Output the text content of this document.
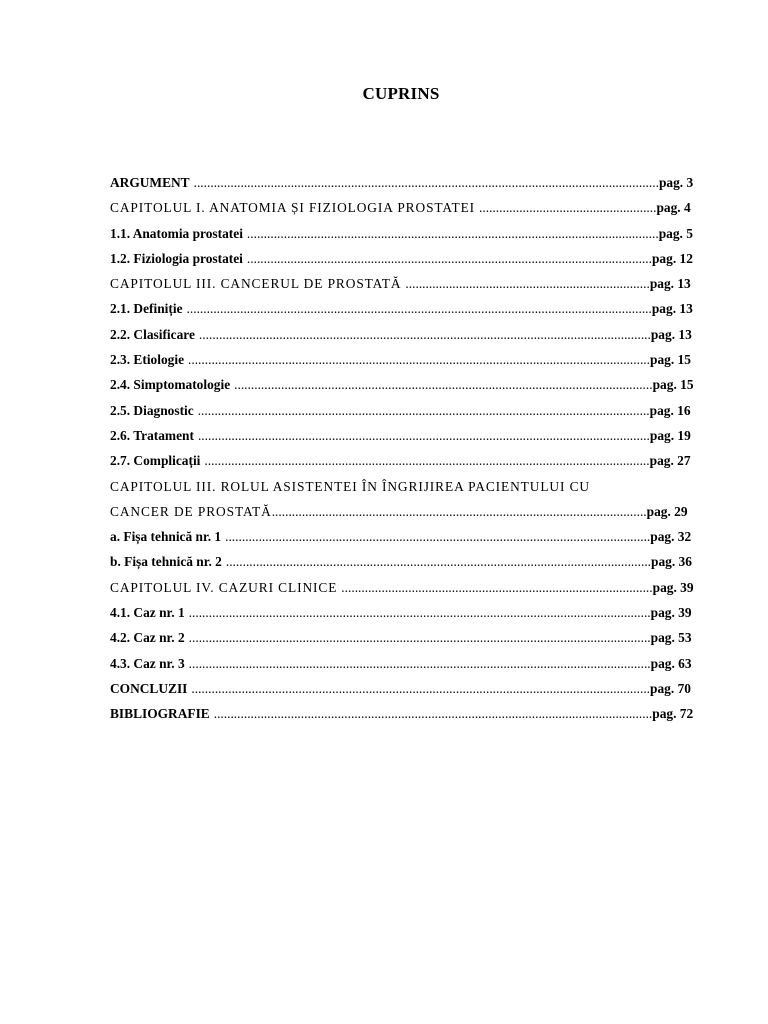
CUPRINS
ARGUMENT ...........................................................................................................................................pag. 3
CAPITOLUL I. ANATOMIA ȘI FIZIOLOGIA PROSTATEI .....................................................pag. 4
1.1. Anatomia prostatei ...........................................................................................................................pag. 5
1.2. Fiziologia prostatei .........................................................................................................................pag. 12
CAPITOLUL III. CANCERUL DE PROSTATĂ .........................................................................pag. 13
2.1. Definiție ...........................................................................................................................................pag. 13
2.2. Clasificare .......................................................................................................................................pag. 13
2.3. Etiologie ..........................................................................................................................................pag. 15
2.4. Simptomatologie .............................................................................................................................pag. 15
2.5. Diagnostic .......................................................................................................................................pag. 16
2.6. Tratament .......................................................................................................................................pag. 19
2.7. Complicații .....................................................................................................................................pag. 27
CAPITOLUL III. ROLUL ASISTENTEI ÎN ÎNGRIJIREA PACIENTULUI CU
CANCER DE PROSTATĂ................................................................................................................pag. 29
a. Fișa tehnică nr. 1 ...............................................................................................................................pag. 32
b. Fișa tehnică nr. 2 ...............................................................................................................................pag. 36
CAPITOLUL IV. CAZURI CLINICE .............................................................................................pag. 39
4.1. Caz nr. 1 ..........................................................................................................................................pag. 39
4.2. Caz nr. 2 ..........................................................................................................................................pag. 53
4.3. Caz nr. 3 ..........................................................................................................................................pag. 63
CONCLUZII .........................................................................................................................................pag. 70
BIBLIOGRAFIE ...................................................................................................................................pag. 72
